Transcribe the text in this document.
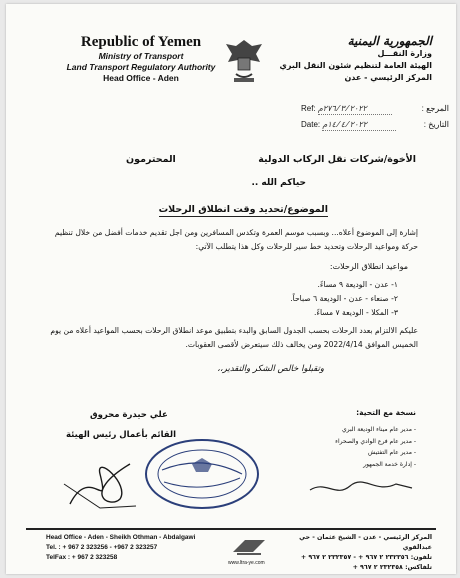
Republic of Yemen
Ministry of Transport
Land Transport Regulatory Authority
Head Office - Aden
الجمهورية اليمنية
وزارة النقـــل
الهيئة العامة لتنظيم شئون النقل البري
المركز الرئيسي - عدن
Ref: ٢٧٦/٣/٢٠٢٢م	المرجع :
Date: ١٤/٤/٢٠٢٢م	التاريخ :
الأخوة/شركات نقل الركاب الدولية
المحترمون
حياكم الله ..
الموضوع/تحديد وقت انطلاق الرحلات
إشارة إلى الموضوع أعلاه... وبسبب موسم العمرة وتكدس المسافرين ومن اجل تقديم خدمات أفضل من خلال تنظيم حركة ومواعيد الرحلات وتحديد خط سير للرحلات وكل هذا يتطلب الآتي:
مواعيد انطلاق الرحلات:
١- عدن - الوديعة ٩ مساءً.
٢- صنعاء - عدن - الوديعة ٦ صباحاً.
٣- المكلا - الوديعة ٧ مساءً.
عليكم الالتزام بعدد الرحلات بحسب الجدول السابق والبدء بتطبيق موعد انطلاق الرحلات بحسب المواعيد أعلاه من يوم الخميس الموافق 2022/4/14 ومن يخالف ذلك سيتعرض لأقصى العقوبات.
وتقبلوا خالص الشكر والتقدير،،
علي حيدرة محروق
القائم بأعمال رئيس الهيئة
نسخة مع التحية:
- مدير عام ميناء الوديعة البري
- مدير عام فرع الوادي والصحراء
- مدير عام التفتيش
- إدارة خدمة الجمهور
Head Office - Aden - Sheikh Othman - Abdalgawi
Tel. : + 967 2 323256 - +967 2 323257
TelFax : + 967 2 323258
www.ltra-ye.com
المركز الرئيسي - عدن - الشيخ عثمان - حي عبدالقوي
تلفون: ٢٣٢٣٥٦ ٢ ٩٦٧ + - ٢٣٢٣٥٧ ٢ ٩٦٧ +
تلفاكس: ٢٣٢٣٥٨ ٢ ٩٦٧ +
